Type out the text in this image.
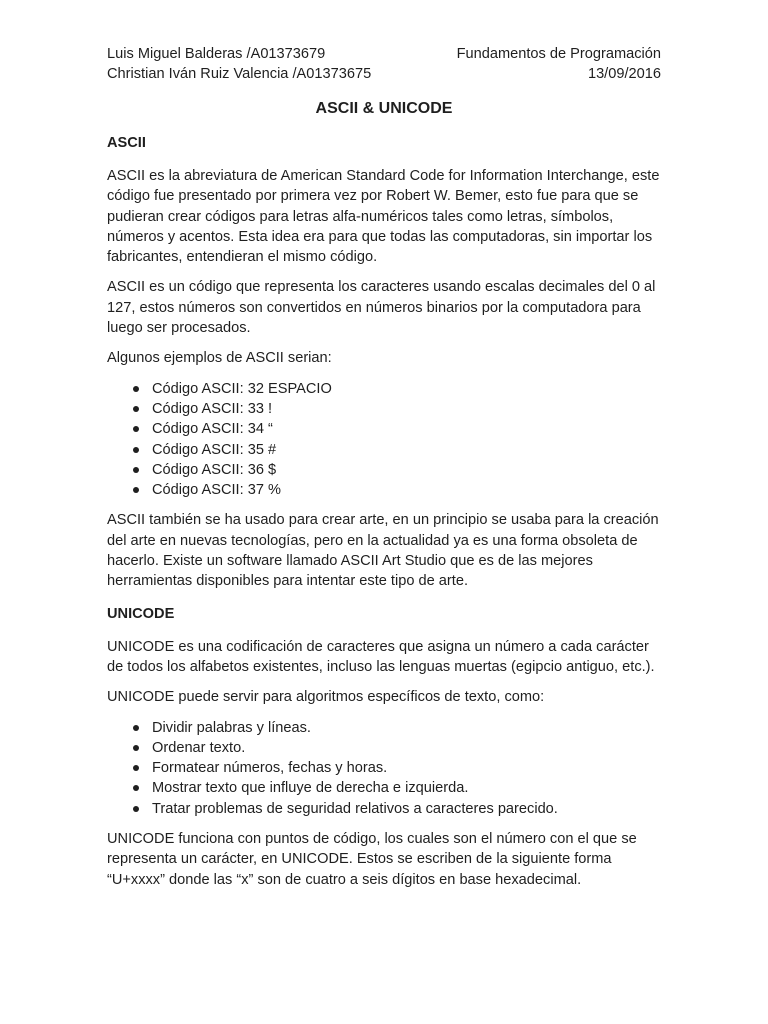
Luis Miguel Balderas /A01373679	Fundamentos de Programación
Christian Iván Ruiz Valencia /A01373675	13/09/2016
ASCII & UNICODE
ASCII

ASCII es la abreviatura de American Standard Code for Information Interchange, este código fue presentado por primera vez por Robert W. Bemer, esto fue para que se pudieran crear códigos para letras alfa-numéricos tales como letras, símbolos, números y acentos. Esta idea era para que todas las computadoras, sin importar los fabricantes, entendieran el mismo código.

ASCII es un código que representa los caracteres usando escalas decimales del 0 al 127, estos números son convertidos en números binarios por la computadora para luego ser procesados.

Algunos ejemplos de ASCII serian:

Código ASCII: 32 ESPACIO
Código ASCII: 33 !
Código ASCII: 34 “
Código ASCII: 35 #
Código ASCII: 36 $
Código ASCII: 37 %

ASCII también se ha usado para crear arte, en un principio se usaba para la creación del arte en nuevas tecnologías, pero en la actualidad ya es una forma obsoleta de hacerlo. Existe un software llamado ASCII Art Studio que es de las mejores herramientas disponibles para intentar este tipo de arte.

UNICODE

UNICODE es una codificación de caracteres que asigna un número a cada carácter de todos los alfabetos existentes, incluso las lenguas muertas (egipcio antiguo, etc.).

UNICODE puede servir para algoritmos específicos de texto, como:

Dividir palabras y líneas.
Ordenar texto.
Formatear números, fechas y horas.
Mostrar texto que influye de derecha e izquierda.
Tratar problemas de seguridad relativos a caracteres parecido.

UNICODE funciona con puntos de código, los cuales son el número con el que se representa un carácter, en UNICODE. Estos se escriben de la siguiente forma “U+xxxx” donde las “x” son de cuatro a seis dígitos en base hexadecimal.
